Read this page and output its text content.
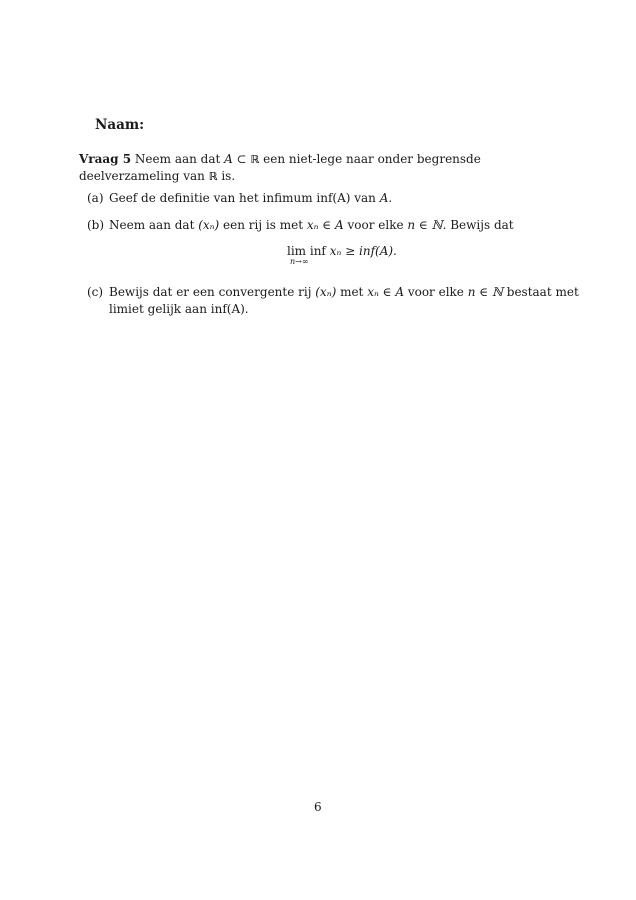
Naam:
Vraag 5 Neem aan dat A ⊂ ℝ een niet-lege naar onder begrensde deelverzameling van ℝ is.
(a) Geef de definitie van het infimum inf(A) van A.
(b) Neem aan dat (xₙ) een rij is met xₙ ∈ A voor elke n ∈ ℕ. Bewijs dat
lim inf xₙ ≥ inf(A).
n→∞
(c) Bewijs dat er een convergente rij (xₙ) met xₙ ∈ A voor elke n ∈ ℕ bestaat met limiet gelijk aan inf(A).
6
